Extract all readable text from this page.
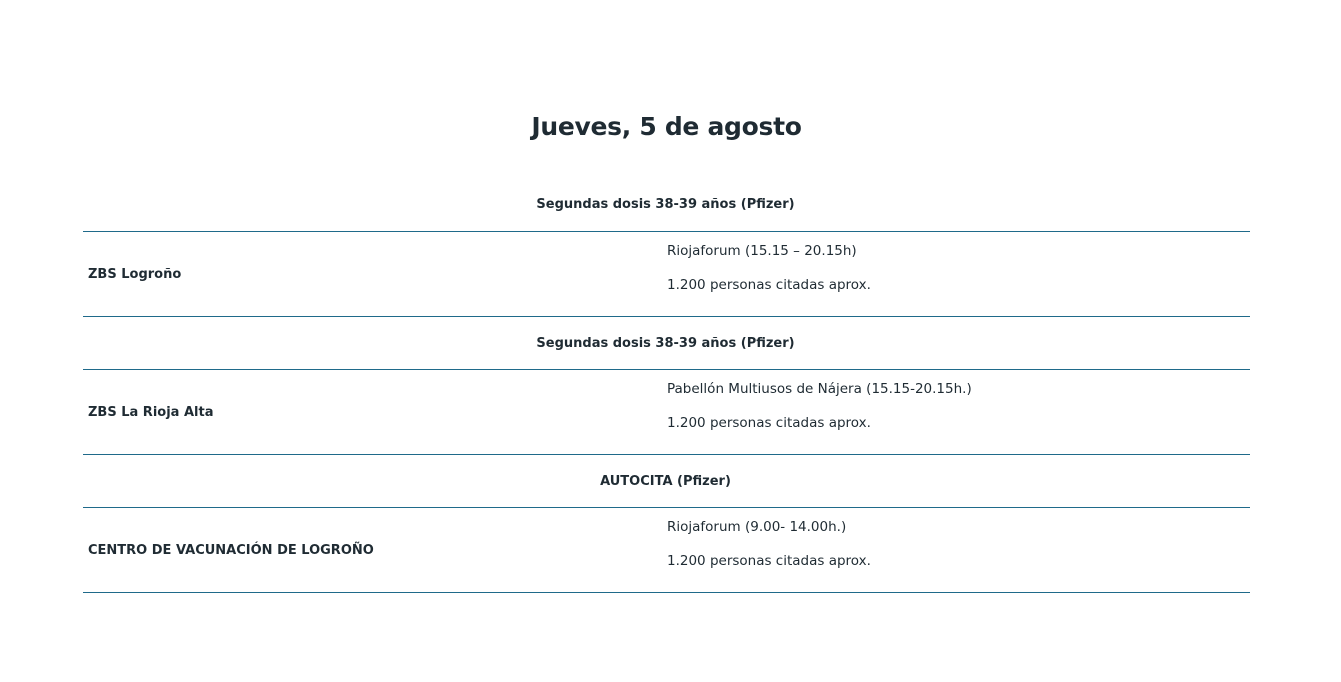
Jueves, 5 de agosto
Segundas dosis 38-39 años (Pfizer)
ZBS Logroño

Riojaforum (15.15 – 20.15h)

1.200 personas citadas aprox.

Segundas dosis 38-39 años (Pfizer)
ZBS La Rioja Alta

Pabellón Multiusos de Nájera (15.15-20.15h.)

1.200 personas citadas aprox.

AUTOCITA (Pfizer)
CENTRO DE VACUNACIÓN DE LOGROÑO

Riojaforum (9.00- 14.00h.)

1.200 personas citadas aprox.
